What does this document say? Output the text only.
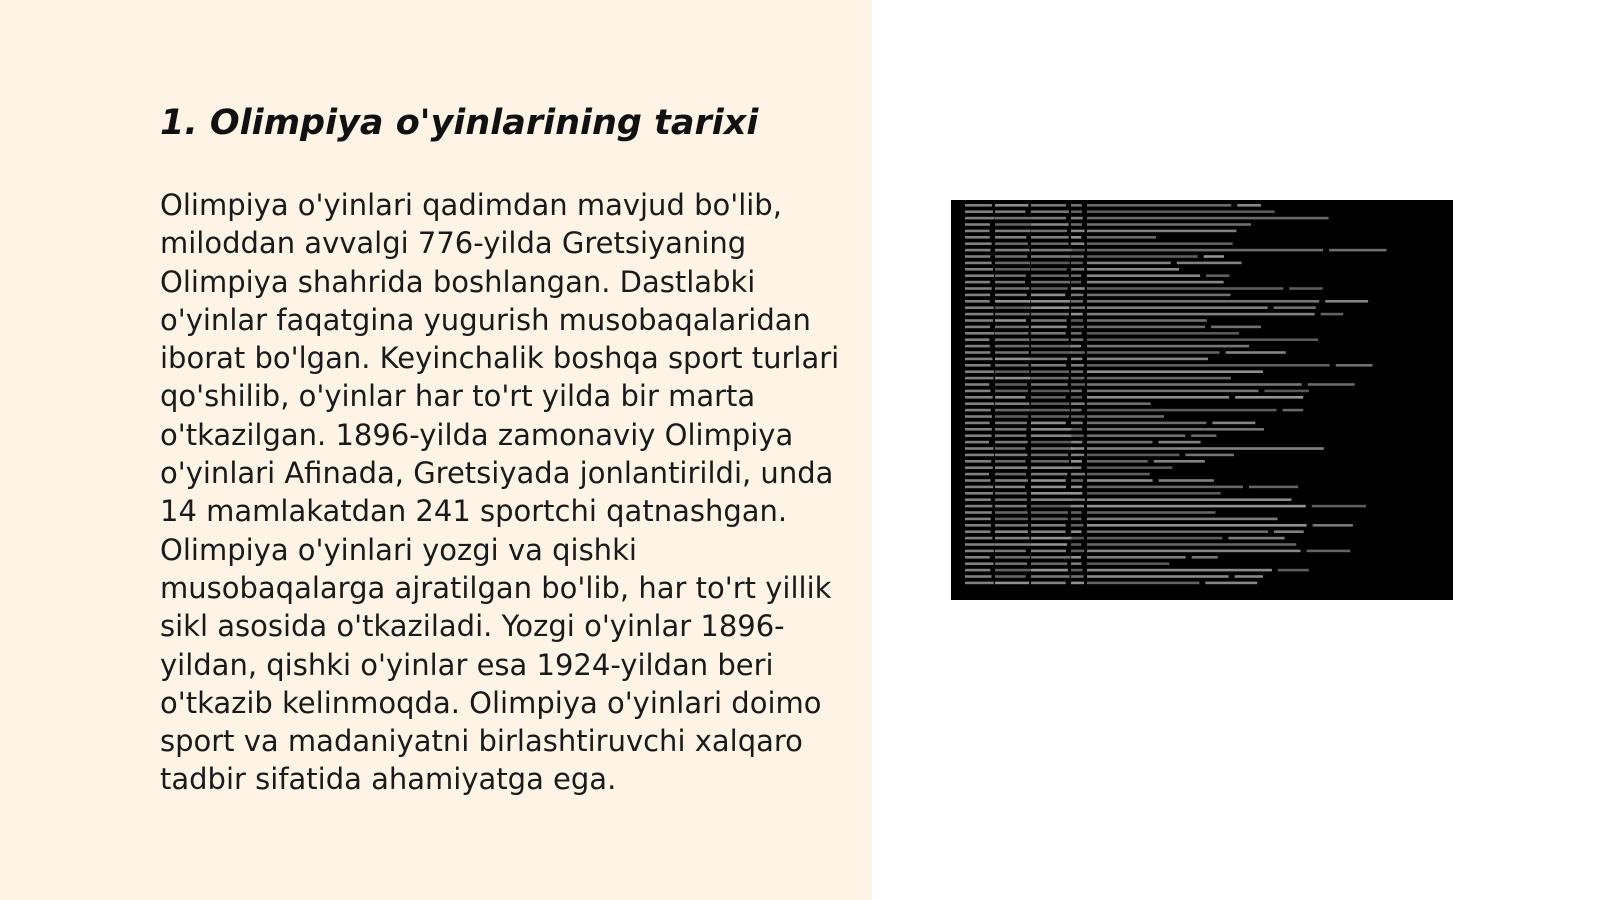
1. Olimpiya o'yinlarining tarixi

Olimpiya o'yinlari qadimdan mavjud bo'lib, miloddan avvalgi 776-yilda Gretsiyaning Olimpiya shahrida boshlangan. Dastlabki o'yinlar faqatgina yugurish musobaqalaridan iborat bo'lgan. Keyinchalik boshqa sport turlari qo'shilib, o'yinlar har to'rt yilda bir marta o'tkazilgan. 1896-yilda zamonaviy Olimpiya o'yinlari Afinada, Gretsiyada jonlantirildi, unda 14 mamlakatdan 241 sportchi qatnashgan. Olimpiya o'yinlari yozgi va qishki musobaqalarga ajratilgan bo'lib, har to'rt yillik sikl asosida o'tkaziladi. Yozgi o'yinlar 1896-yildan, qishki o'yinlar esa 1924-yildan beri o'tkazib kelinmoqda. Olimpiya o'yinlari doimo sport va madaniyatni birlashtiruvchi xalqaro tadbir sifatida ahamiyatga ega.
